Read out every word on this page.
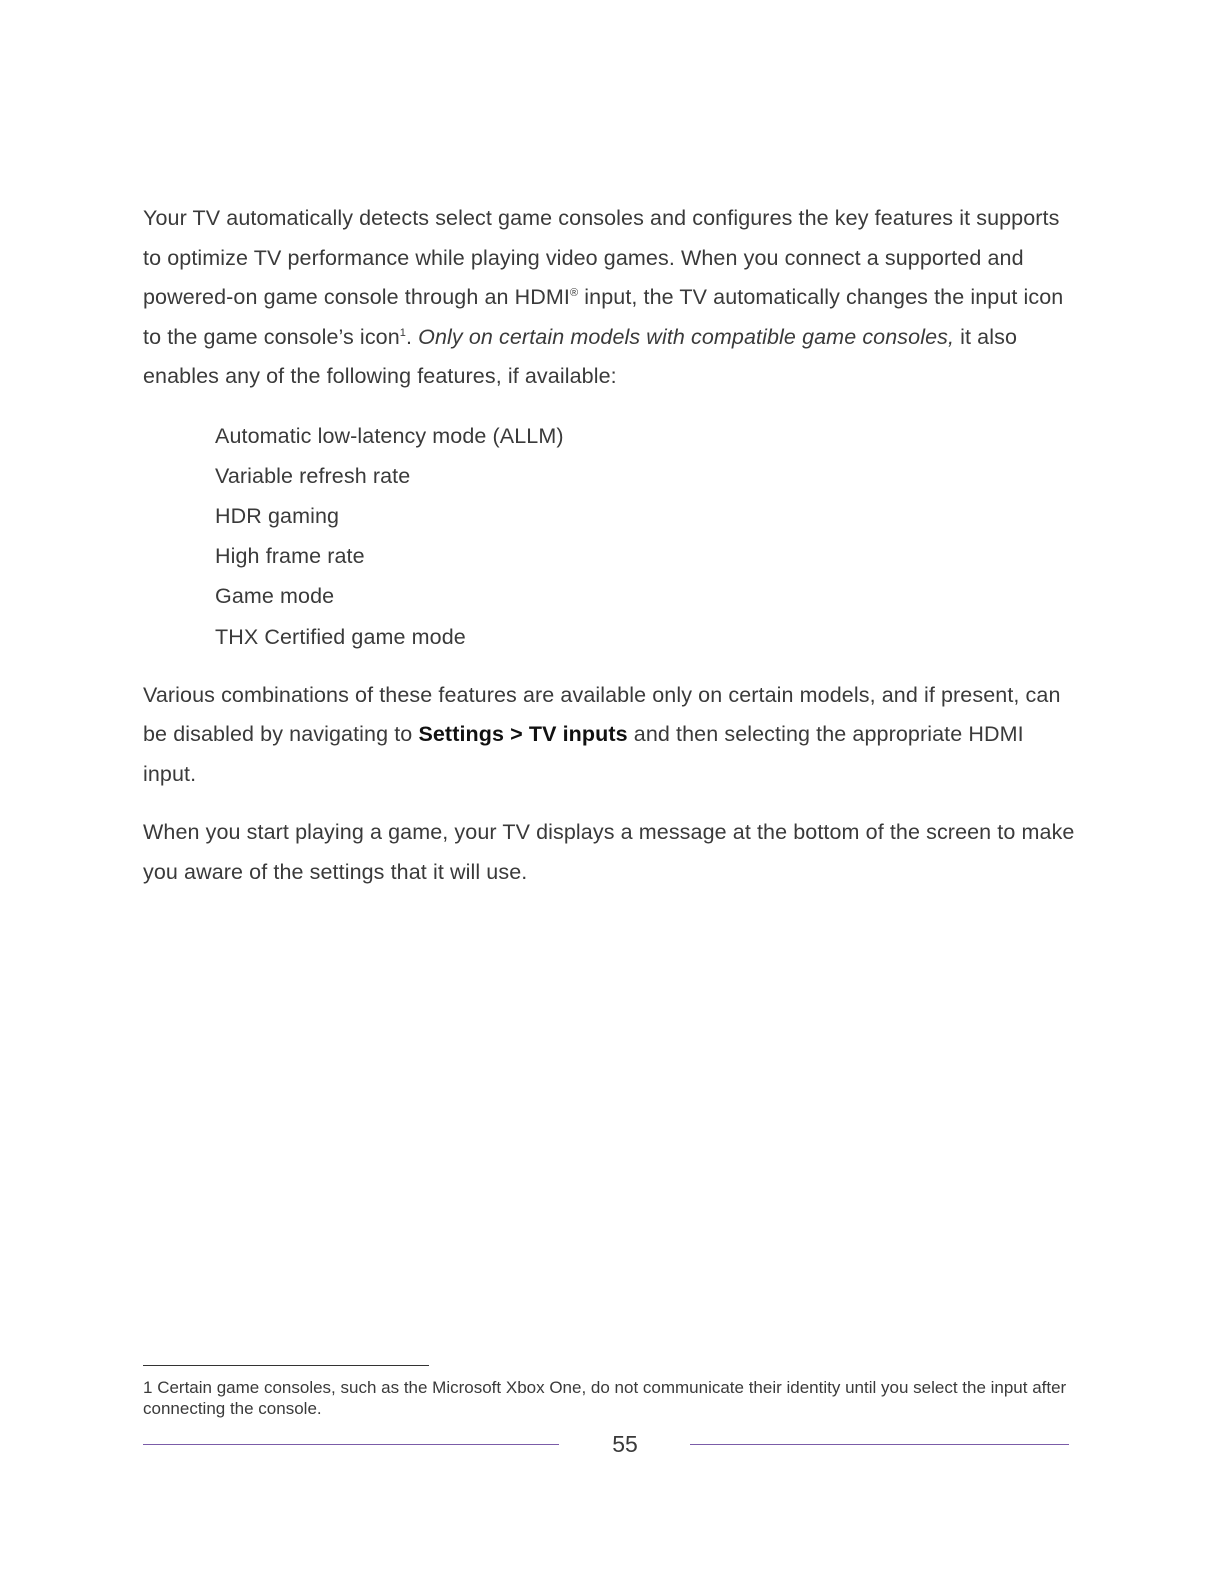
Your TV automatically detects select game consoles and configures the key features it supports to optimize TV performance while playing video games. When you connect a supported and powered-on game console through an HDMI® input, the TV automatically changes the input icon to the game console’s icon$^1$. Only on certain models with compatible game consoles, it also enables any of the following features, if available:

Automatic low-latency mode (ALLM)
Variable refresh rate
HDR gaming
High frame rate
Game mode
THX Certified game mode

Various combinations of these features are available only on certain models, and if present, can be disabled by navigating to Settings > TV inputs and then selecting the appropriate HDMI input.

When you start playing a game, your TV displays a message at the bottom of the screen to make you aware of the settings that it will use.

1 Certain game consoles, such as the Microsoft Xbox One, do not communicate their identity until you select the input after connecting the console.
55
